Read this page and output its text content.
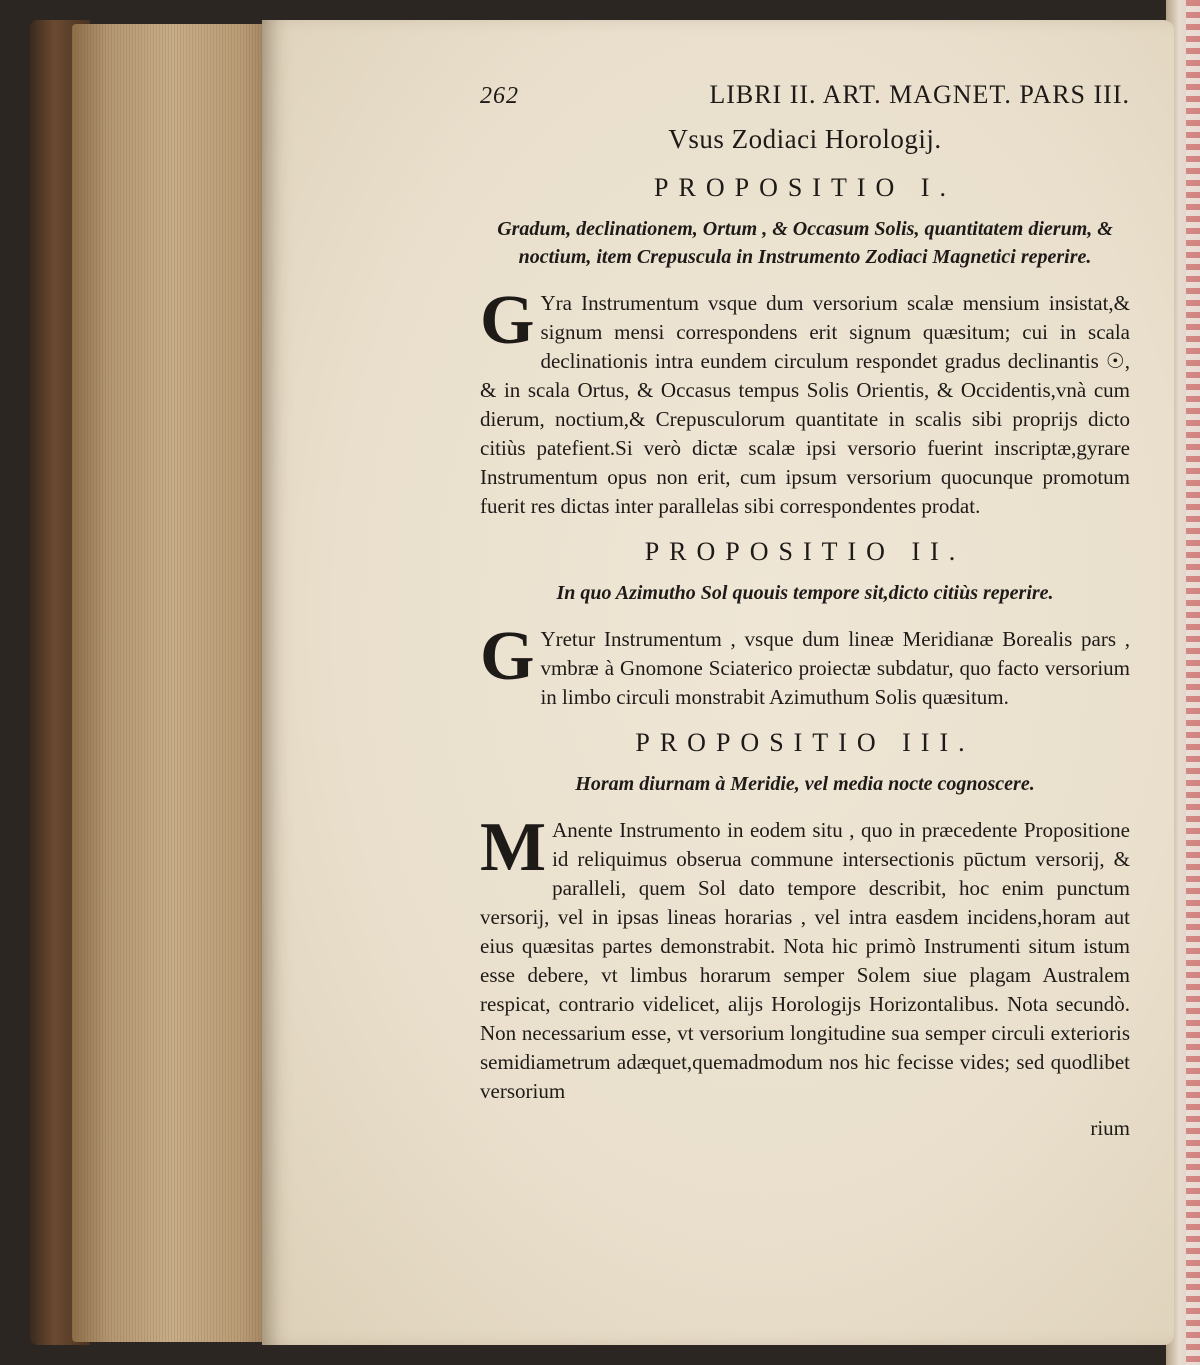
262	LIBRI II. ART. MAGNET. PARS III.
Vsus Zodiaci Horologij.
PROPOSITIO I.
Gradum, declinationem, Ortum , & Occasum Solis, quantitatem dierum, & noctium, item Crepuscula in Instrumento Zodiaci Magnetici reperire.

G Yra Instrumentum vsque dum versorium scalæ mensium insistat,& signum mensi correspondens erit signum quæsitum; cui in scala declinationis intra eundem circulum respondet gradus declinantis ☉, & in scala Ortus, & Occasus tempus Solis Orientis, & Occidentis,vnà cum dierum, noctium,& Crepusculorum quantitate in scalis sibi proprijs dicto citiùs patefient.Si verò dictæ scalæ ipsi versorio fuerint inscriptæ,gyrare Instrumentum opus non erit, cum ipsum versorium quocunque promotum fuerit res dictas inter parallelas sibi correspondentes prodat.

PROPOSITIO II.
In quo Azimutho Sol quouis tempore sit,dicto citiùs reperire.

G Yretur Instrumentum , vsque dum lineæ Meridianæ Borealis pars , vmbræ à Gnomone Sciaterico proiectæ subdatur, quo facto versorium in limbo circuli monstrabit Azimuthum Solis quæsitum.

PROPOSITIO III.
Horam diurnam à Meridie, vel media nocte cognoscere.

M Anente Instrumento in eodem situ , quo in præcedente Propositione id reliquimus obserua commune intersectionis pūctum versorij, & paralleli, quem Sol dato tempore describit, hoc enim punctum versorij, vel in ipsas lineas horarias , vel intra easdem incidens,horam aut eius quæsitas partes demonstrabit. Nota hic primò Instrumenti situm istum esse debere, vt limbus horarum semper Solem siue plagam Australem respicat, contrario videlicet, alijs Horologijs Horizontalibus. Nota secundò. Non necessarium esse, vt versorium longitudine sua semper circuli exterioris semidiametrum adæquet,quemadmodum nos hic fecisse vides; sed quodlibet versorium

rium
